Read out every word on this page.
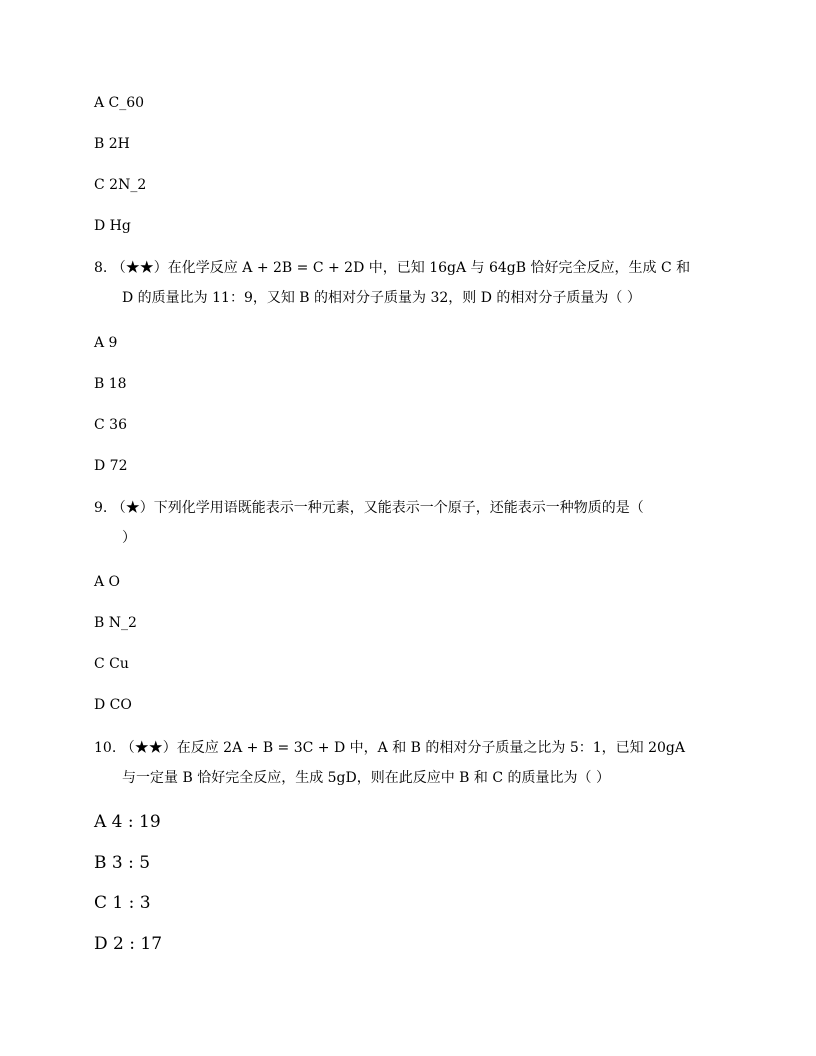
A C_60
B 2H
C 2N_2
D Hg
8. （★★）在化学反应 A + 2B = C + 2D 中，已知 16gA 与 64gB 恰好完全反应，生成 C 和
D 的质量比为 11：9，又知 B 的相对分子质量为 32，则 D 的相对分子质量为（ ）
A 9
B 18
C 36
D 72
9. （★）下列化学用语既能表示一种元素，又能表示一个原子，还能表示一种物质的是（
）
A O
B N_2
C Cu
D CO
10. （★★）在反应 2A + B = 3C + D 中，A 和 B 的相对分子质量之比为 5：1，已知 20gA
与一定量 B 恰好完全反应，生成 5gD，则在此反应中 B 和 C 的质量比为（ ）
A 4 : 19
B 3 : 5
C 1 : 3
D 2 : 17
